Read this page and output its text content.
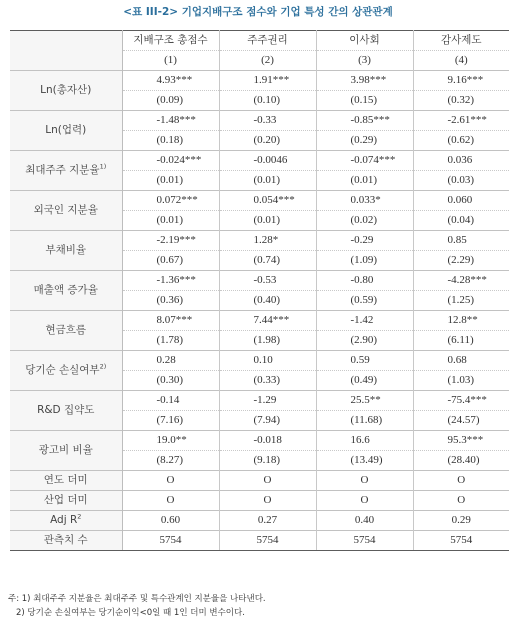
<표 III-2> 기업지배구조 점수와 기업 특성 간의 상관관계
	지배구조 총점수	주주권리	이사회	감사제도
	(1)	(2)	(3)	(4)
Ln(총자산)	4.93***	1.91***	3.98***	9.16***
	(0.09)	(0.10)	(0.15)	(0.32)
Ln(업력)	-1.48***	-0.33	-0.85***	-2.61***
	(0.18)	(0.20)	(0.29)	(0.62)
최대주주 지분율$^{1)}$	-0.024***	-0.0046	-0.074***	0.036
	(0.01)	(0.01)	(0.01)	(0.03)
외국인 지분율	0.072***	0.054***	0.033*	0.060
	(0.01)	(0.01)	(0.02)	(0.04)
부채비율	-2.19***	1.28*	-0.29	0.85
	(0.67)	(0.74)	(1.09)	(2.29)
매출액 증가율	-1.36***	-0.53	-0.80	-4.28***
	(0.36)	(0.40)	(0.59)	(1.25)
현금흐름	8.07***	7.44***	-1.42	12.8**
	(1.78)	(1.98)	(2.90)	(6.11)
당기순 손실여부$^{2)}$	0.28	0.10	0.59	0.68
	(0.30)	(0.33)	(0.49)	(1.03)
R&D 집약도	-0.14	-1.29	25.5**	-75.4***
	(7.16)	(7.94)	(11.68)	(24.57)
광고비 비율	19.0**	-0.018	16.6	95.3***
	(8.27)	(9.18)	(13.49)	(28.40)
연도 더미	O	O	O	O
산업 더미	O	O	O	O
Adj $R^2$	0.60	0.27	0.40	0.29
관측치 수	5754	5754	5754	5754
주: 1) 최대주주 지분율은 최대주주 및 특수관계인 지분율을 나타낸다.
2) 당기순 손실여부는 당기순이익<0일 때 1인 더미 변수이다.
